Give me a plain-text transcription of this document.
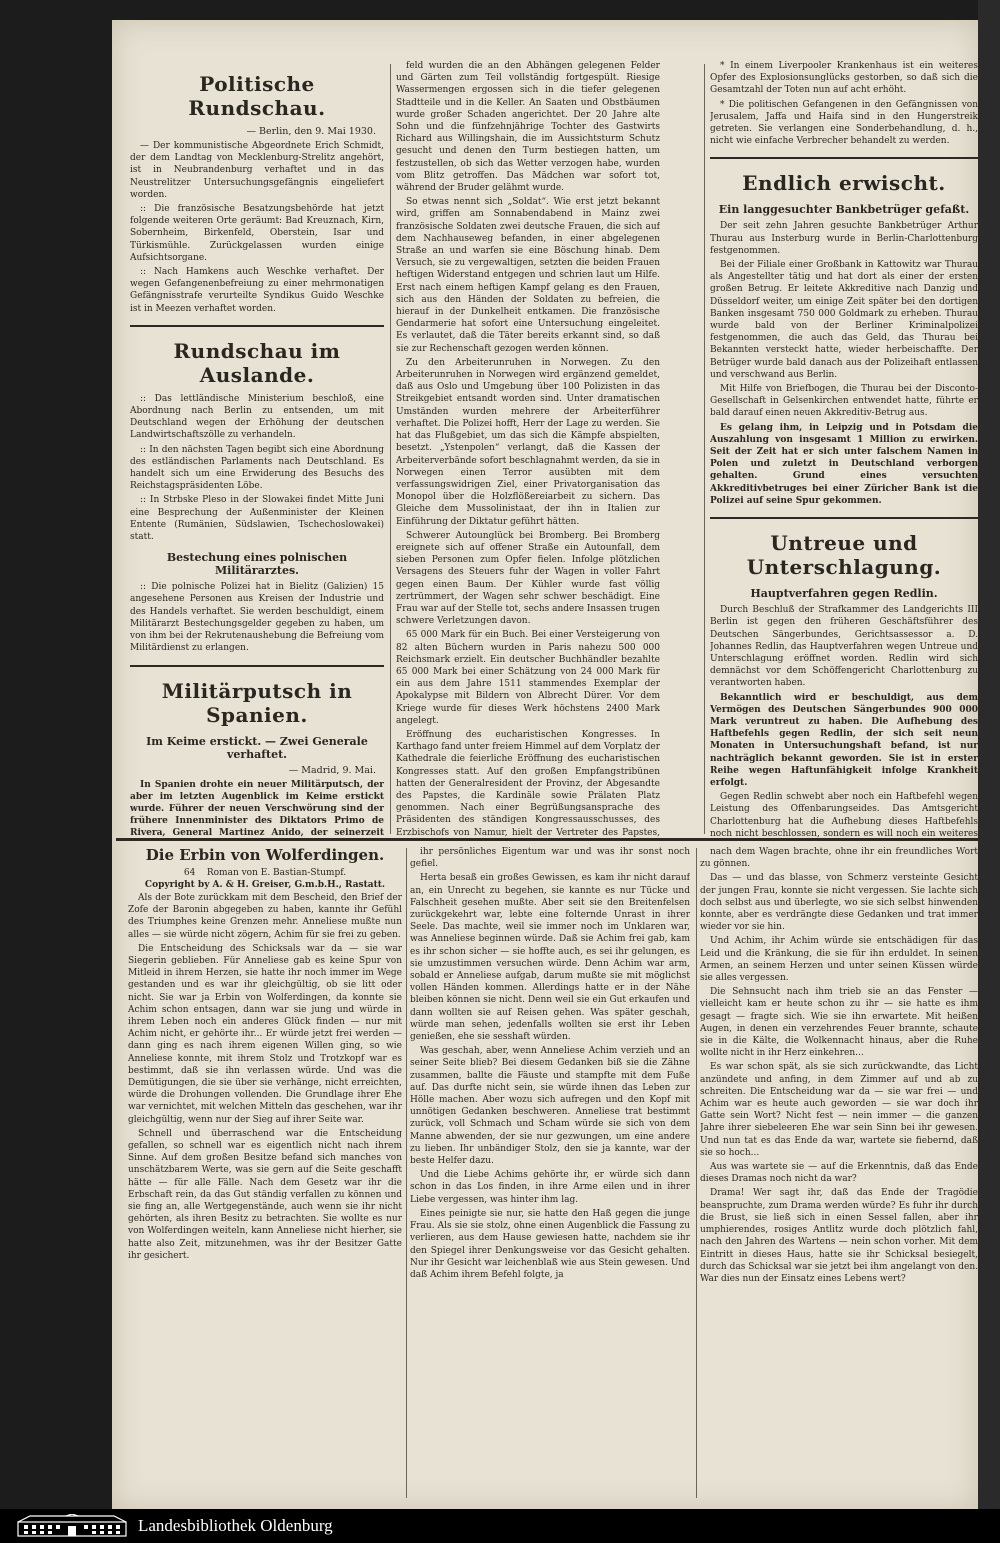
Politische Rundschau.
— Berlin, den 9. Mai 1930.

— Der kommunistische Abgeordnete Erich Schmidt, der dem Landtag von Mecklenburg-Strelitz angehört, ist in Neubrandenburg verhaftet und in das Neustrelitzer Untersuchungsgefängnis eingeliefert worden.

:: Die französische Besatzungsbehörde hat jetzt folgende weiteren Orte geräumt: Bad Kreuznach, Kirn, Sobernheim, Birkenfeld, Oberstein, Isar und Türkismühle. Zurückgelassen wurden einige Aufsichtsorgane.

:: Nach Hamkens auch Weschke verhaftet. Der wegen Gefangenenbefreiung zu einer mehrmonatigen Gefängnisstrafe verurteilte Syndikus Guido Weschke ist in Meezen verhaftet worden.

Rundschau im Auslande.

:: Das lettländische Ministerium beschloß, eine Abordnung nach Berlin zu entsenden, um mit Deutschland wegen der Erhöhung der deutschen Landwirtschaftszölle zu verhandeln.

:: In den nächsten Tagen begibt sich eine Abordnung des estländischen Parlaments nach Deutschland. Es handelt sich um eine Erwiderung des Besuchs des Reichstagspräsidenten Löbe.

:: In Strbske Pleso in der Slowakei findet Mitte Juni eine Besprechung der Außenminister der Kleinen Entente (Rumänien, Südslawien, Tschechoslowakei) statt.

Bestechung eines polnischen Militärarztes.

:: Die polnische Polizei hat in Bielitz (Galizien) 15 angesehene Personen aus Kreisen der Industrie und des Handels verhaftet. Sie werden beschuldigt, einem Militärarzt Bestechungsgelder gegeben zu haben, um von ihm bei der Rekrutenaushebung die Befreiung vom Militärdienst zu erlangen.

Militärputsch in Spanien.
Im Keime erstickt. — Zwei Generale verhaftet.
— Madrid, 9. Mai.

In Spanien drohte ein neuer Militärputsch, der aber im letzten Augenblick im Keime erstickt wurde. Führer der neuen Verschwörung sind der frühere Innenminister des Diktators Primo de Rivera, General Martinez Anido, der seinerzeit

feld wurden die an den Abhängen gelegenen Felder und Gärten zum Teil vollständig fortgespült. Riesige Wassermengen ergossen sich in die tiefer gelegenen Stadtteile und in die Keller. An Saaten und Obstbäumen wurde großer Schaden angerichtet. Der 20 Jahre alte Sohn und die fünfzehnjährige Tochter des Gastwirts Richard aus Willingshain, die im Aussichtsturm Schutz gesucht und denen den Turm bestiegen hatten, um festzustellen, ob sich das Wetter verzogen habe, wurden vom Blitz getroffen. Das Mädchen war sofort tot, während der Bruder gelähmt wurde.

So etwas nennt sich „Soldat“. Wie erst jetzt bekannt wird, griffen am Sonnabendabend in Mainz zwei französische Soldaten zwei deutsche Frauen, die sich auf dem Nachhauseweg befanden, in einer abgelegenen Straße an und warfen sie eine Böschung hinab. Dem Versuch, sie zu vergewaltigen, setzten die beiden Frauen heftigen Widerstand entgegen und schrien laut um Hilfe. Erst nach einem heftigen Kampf gelang es den Frauen, sich aus den Händen der Soldaten zu befreien, die hierauf in der Dunkelheit entkamen. Die französische Gendarmerie hat sofort eine Untersuchung eingeleitet. Es verlautet, daß die Täter bereits erkannt sind, so daß sie zur Rechenschaft gezogen werden können.

Zu den Arbeiterunruhen in Norwegen. Zu den Arbeiterunruhen in Norwegen wird ergänzend gemeldet, daß aus Oslo und Umgebung über 100 Polizisten in das Streikgebiet entsandt worden sind. Unter dramatischen Umständen wurden mehrere der Arbeiterführer verhaftet. Die Polizei hofft, Herr der Lage zu werden. Sie hat das Flußgebiet, um das sich die Kämpfe abspielten, besetzt. „Ystenpolen“ verlangt, daß die Kassen der Arbeiterverbände sofort beschlagnahmt werden, da sie in Norwegen einen Terror ausübten mit dem verfassungswidrigen Ziel, einer Privatorganisation das Monopol über die Holzflößereiarbeit zu sichern. Das Gleiche dem Mussolinistaat, der ihn in Italien zur Einführung der Diktatur geführt hätten.

Schwerer Autounglück bei Bromberg. Bei Bromberg ereignete sich auf offener Straße ein Autounfall, dem sieben Personen zum Opfer fielen. Infolge plötzlichen Versagens des Steuers fuhr der Wagen in voller Fahrt gegen einen Baum. Der Kühler wurde fast völlig zertrümmert, der Wagen sehr schwer beschädigt. Eine Frau war auf der Stelle tot, sechs andere Insassen trugen schwere Verletzungen davon.

65 000 Mark für ein Buch. Bei einer Versteigerung von 82 alten Büchern wurden in Paris nahezu 500 000 Reichsmark erzielt. Ein deutscher Buchhändler bezahlte 65 000 Mark bei einer Schätzung von 24 000 Mark für ein aus dem Jahre 1511 stammendes Exemplar der Apokalypse mit Bildern von Albrecht Dürer. Vor dem Kriege wurde für dieses Werk höchstens 2400 Mark angelegt.

Eröffnung des eucharistischen Kongresses. In Karthago fand unter freiem Himmel auf dem Vorplatz der Kathedrale die feierliche Eröffnung des eucharistischen Kongresses statt. Auf den großen Empfangstribünen hatten der Generalresident der Provinz, der Abgesandte des Papstes, die Kardinäle sowie Prälaten Platz genommen. Nach einer Begrüßungsansprache des Präsidenten des ständigen Kongressausschusses, des Erzbischofs von Namur, hielt der Vertreter des Papstes,

* In einem Liverpooler Krankenhaus ist ein weiteres Opfer des Explosionsunglücks gestorben, so daß sich die Gesamtzahl der Toten nun auf acht erhöht.

* Die politischen Gefangenen in den Gefängnissen von Jerusalem, Jaffa und Haifa sind in den Hungerstreik getreten. Sie verlangen eine Sonderbehandlung, d. h., nicht wie einfache Verbrecher behandelt zu werden.

Endlich erwischt.
Ein langgesuchter Bankbetrüger gefaßt.

Der seit zehn Jahren gesuchte Bankbetrüger Arthur Thurau aus Insterburg wurde in Berlin-Charlottenburg festgenommen.

Bei der Filiale einer Großbank in Kattowitz war Thurau als Angestellter tätig und hat dort als einer der ersten großen Betrug. Er leitete Akkreditive nach Danzig und Düsseldorf weiter, um einige Zeit später bei den dortigen Banken insgesamt 750 000 Goldmark zu erheben. Thurau wurde bald von der Berliner Kriminalpolizei festgenommen, die auch das Geld, das Thurau bei Bekannten versteckt hatte, wieder herbeischaffte. Der Betrüger wurde bald danach aus der Polizeihaft entlassen und verschwand aus Berlin.

Mit Hilfe von Briefbogen, die Thurau bei der Disconto-Gesellschaft in Gelsenkirchen entwendet hatte, führte er bald darauf einen neuen Akkreditiv-Betrug aus.

Es gelang ihm, in Leipzig und in Potsdam die Auszahlung von insgesamt 1 Million zu erwirken. Seit der Zeit hat er sich unter falschem Namen in Polen und zuletzt in Deutschland verborgen gehalten. Grund eines versuchten Akkreditivbetruges bei einer Züricher Bank ist die Polizei auf seine Spur gekommen.

Untreue und Unterschlagung.
Hauptverfahren gegen Redlin.

Durch Beschluß der Strafkammer des Landgerichts III Berlin ist gegen den früheren Geschäftsführer des Deutschen Sängerbundes, Gerichtsassessor a. D. Johannes Redlin, das Hauptverfahren wegen Untreue und Unterschlagung eröffnet worden. Redlin wird sich demnächst vor dem Schöffengericht Charlottenburg zu verantworten haben.

Bekanntlich wird er beschuldigt, aus dem Vermögen des Deutschen Sängerbundes 900 000 Mark veruntreut zu haben. Die Aufhebung des Haftbefehls gegen Redlin, der sich seit neun Monaten in Untersuchungshaft befand, ist nur nachträglich bekannt geworden. Sie ist in erster Reihe wegen Haftunfähigkeit infolge Krankheit erfolgt.

Gegen Redlin schwebt aber noch ein Haftbefehl wegen Leistung des Offenbarungseides. Das Amtsgericht Charlottenburg hat die Aufhebung dieses Haftbefehls noch nicht beschlossen, sondern es will noch ein weiteres

Die Erbin von Wolferdingen.
64 Roman von E. Bastian-Stumpf.
Copyright by A. & H. Greiser, G.m.b.H., Rastatt.

Als der Bote zurückkam mit dem Bescheid, den Brief der Zofe der Baronin abgegeben zu haben, kannte ihr Gefühl des Triumphes keine Grenzen mehr. Anneliese mußte nun alles — sie würde nicht zögern, Achim für sie frei zu geben.

Die Entscheidung des Schicksals war da — sie war Siegerin geblieben. Für Anneliese gab es keine Spur von Mitleid in ihrem Herzen, sie hatte ihr noch immer im Wege gestanden und es war ihr gleichgültig, ob sie litt oder nicht. Sie war ja Erbin von Wolferdingen, da konnte sie Achim schon entsagen, dann war sie jung und würde in ihrem Leben noch ein anderes Glück finden — nur mit Achim nicht, er gehörte ihr... Er würde jetzt frei werden — dann ging es nach ihrem eigenen Willen ging, so wie Anneliese konnte, mit ihrem Stolz und Trotzkopf war es bestimmt, daß sie ihn verlassen würde. Und was die Demütigungen, die sie über sie verhänge, nicht erreichten, würde die Drohungen vollenden. Die Grundlage ihrer Ehe war vernichtet, mit welchen Mitteln das geschehen, war ihr gleichgültig, wenn nur der Sieg auf ihrer Seite war.

Schnell und überraschend war die Entscheidung gefallen, so schnell war es eigentlich nicht nach ihrem Sinne. Auf dem großen Besitze befand sich manches von unschätzbarem Werte, was sie gern auf die Seite geschafft hätte — für alle Fälle. Nach dem Gesetz war ihr die Erbschaft rein, da das Gut ständig verfallen zu können und sie fing an, alle Wertgegenstände, auch wenn sie ihr nicht gehörten, als ihren Besitz zu betrachten. Sie wollte es nur von Wolferdingen weiteln, kann Anneliese nicht hierher, sie hatte also Zeit, mitzunehmen, was ihr der Besitzer Gatte ihr gesichert.

ihr persönliches Eigentum war und was ihr sonst noch gefiel.

Herta besaß ein großes Gewissen, es kam ihr nicht darauf an, ein Unrecht zu begehen, sie kannte es nur Tücke und Falschheit gesehen mußte. Aber seit sie den Breitenfelsen zurückgekehrt war, lebte eine folternde Unrast in ihrer Seele. Das machte, weil sie immer noch im Unklaren war, was Anneliese beginnen würde. Daß sie Achim frei gab, kam es ihr schon sicher — sie hoffte auch, es sei ihr gelungen, es sie umzustimmen versuchen würde. Denn Achim war arm, sobald er Anneliese aufgab, darum mußte sie mit möglichst vollen Händen kommen. Allerdings hatte er in der Nähe bleiben können sie nicht. Denn weil sie ein Gut erkaufen und dann wollten sie auf Reisen gehen. Was später geschah, würde man sehen, jedenfalls wollten sie erst ihr Leben genießen, ehe sie sesshaft würden.

Was geschah, aber, wenn Anneliese Achim verzieh und an seiner Seite blieb? Bei diesem Gedanken biß sie die Zähne zusammen, ballte die Fäuste und stampfte mit dem Fuße auf. Das durfte nicht sein, sie würde ihnen das Leben zur Hölle machen. Aber wozu sich aufregen und den Kopf mit unnötigen Gedanken beschweren. Anneliese trat bestimmt zurück, voll Schmach und Scham würde sie sich von dem Manne abwenden, der sie nur gezwungen, um eine andere zu lieben. Ihr unbändiger Stolz, den sie ja kannte, war der beste Helfer dazu.

Und die Liebe Achims gehörte ihr, er würde sich dann schon in das Los finden, in ihre Arme eilen und in ihrer Liebe vergessen, was hinter ihm lag.

Eines peinigte sie nur, sie hatte den Haß gegen die junge Frau. Als sie sie stolz, ohne einen Augenblick die Fassung zu verlieren, aus dem Hause gewiesen hatte, nachdem sie ihr den Spiegel ihrer Denkungsweise vor das Gesicht gehalten. Nur ihr Gesicht war leichenblaß wie aus Stein gewesen. Und daß Achim ihrem Befehl folgte, ja

nach dem Wagen brachte, ohne ihr ein freundliches Wort zu gönnen.

Das — und das blasse, von Schmerz versteinte Gesicht der jungen Frau, konnte sie nicht vergessen. Sie lachte sich doch selbst aus und überlegte, wo sie sich selbst hinwenden konnte, aber es verdrängte diese Gedanken und trat immer wieder vor sie hin.

Und Achim, ihr Achim würde sie entschädigen für das Leid und die Kränkung, die sie für ihn erduldet. In seinen Armen, an seinem Herzen und unter seinen Küssen würde sie alles vergessen.

Die Sehnsucht nach ihm trieb sie an das Fenster — vielleicht kam er heute schon zu ihr — sie hatte es ihm gesagt — fragte sich. Wie sie ihn erwartete. Mit heißen Augen, in denen ein verzehrendes Feuer brannte, schaute sie in die Kälte, die Wolkennacht hinaus, aber die Ruhe wollte nicht in ihr Herz einkehren...

Es war schon spät, als sie sich zurückwandte, das Licht anzündete und anfing, in dem Zimmer auf und ab zu schreiten. Die Entscheidung war da — sie war frei — und Achim war es heute auch geworden — sie war doch ihr Gatte sein Wort? Nicht fest — nein immer — die ganzen Jahre ihrer siebeleeren Ehe war sein Sinn bei ihr gewesen. Und nun tat es das Ende da war, wartete sie fiebernd, daß sie so hoch...

Aus was wartete sie — auf die Erkenntnis, daß das Ende dieses Dramas noch nicht da war?

Drama! Wer sagt ihr, daß das Ende der Tragödie beanspruchte, zum Drama werden würde? Es fuhr ihr durch die Brust, sie ließ sich in einen Sessel fallen, aber ihr umphierendes, rosiges Antlitz wurde doch plötzlich fahl, nach den Jahren des Wartens — nein schon vorher. Mit dem Eintritt in dieses Haus, hatte sie ihr Schicksal besiegelt, durch das Schicksal war sie jetzt bei ihm angelangt von den. War dies nun der Einsatz eines Lebens wert?

Landesbibliothek Oldenburg
